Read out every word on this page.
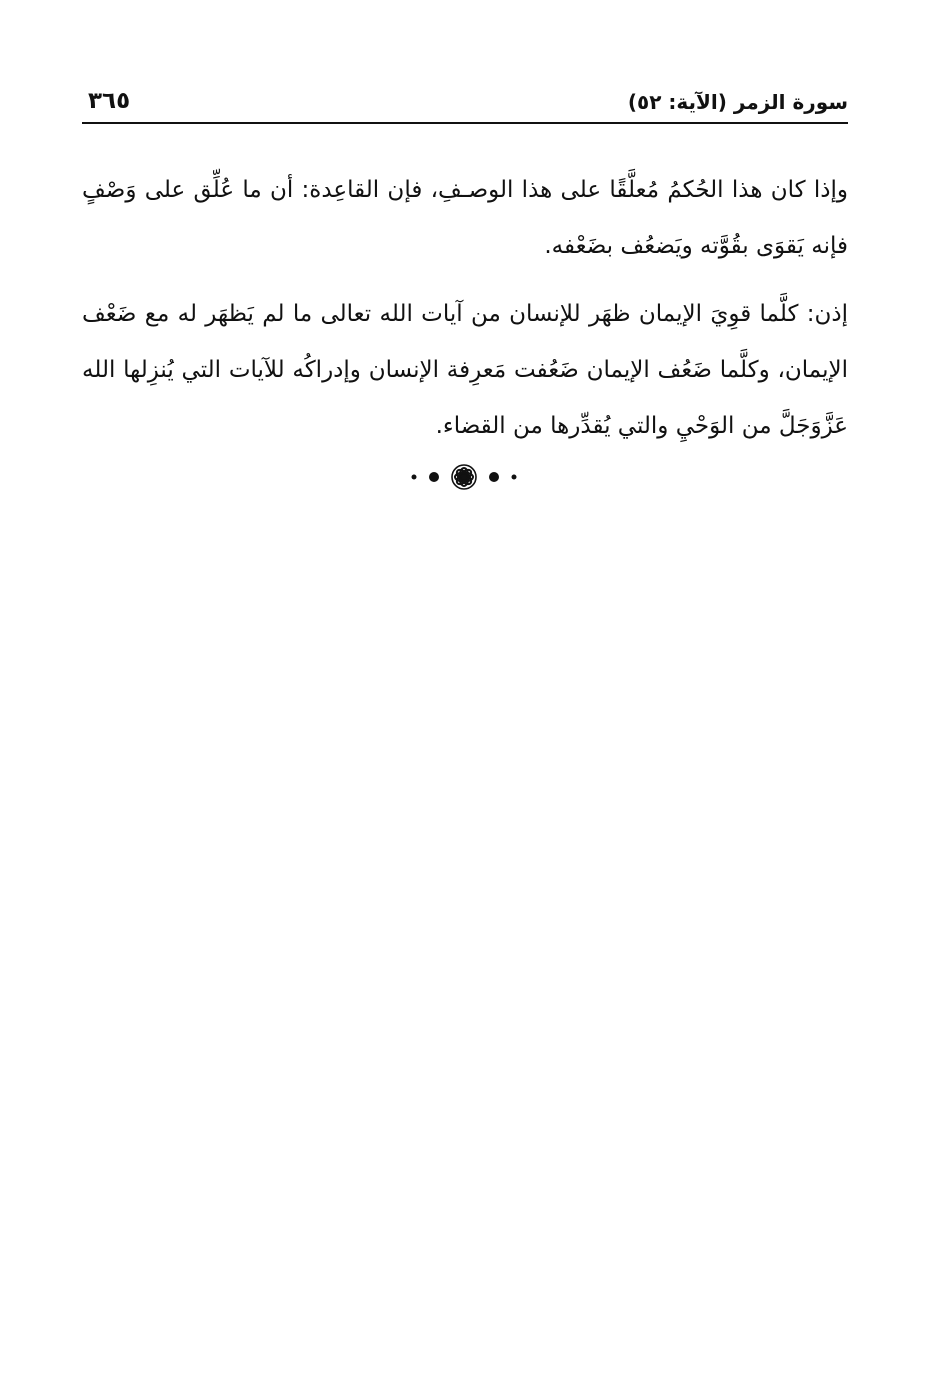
سورة الزمر (الآية: ٥٢)
٣٦٥

وإذا كان هذا الحُكمُ مُعلَّقًا على هذا الوصـفِ، فإن القاعِدة: أن ما عُلِّق على وَصْفٍ فإنه يَقوَى بقُوَّته ويَضعُف بضَعْفه.

إذن: كلَّما قوِيَ الإيمان ظهَر للإنسان من آيات الله تعالى ما لم يَظهَر له مع ضَعْف الإيمان، وكلَّما ضَعُف الإيمان ضَعُفت مَعرِفة الإنسان وإدراكُه للآيات التي يُنزِلها الله عَزَّوَجَلَّ من الوَحْيِ والتي يُقدِّرها من القضاء.
